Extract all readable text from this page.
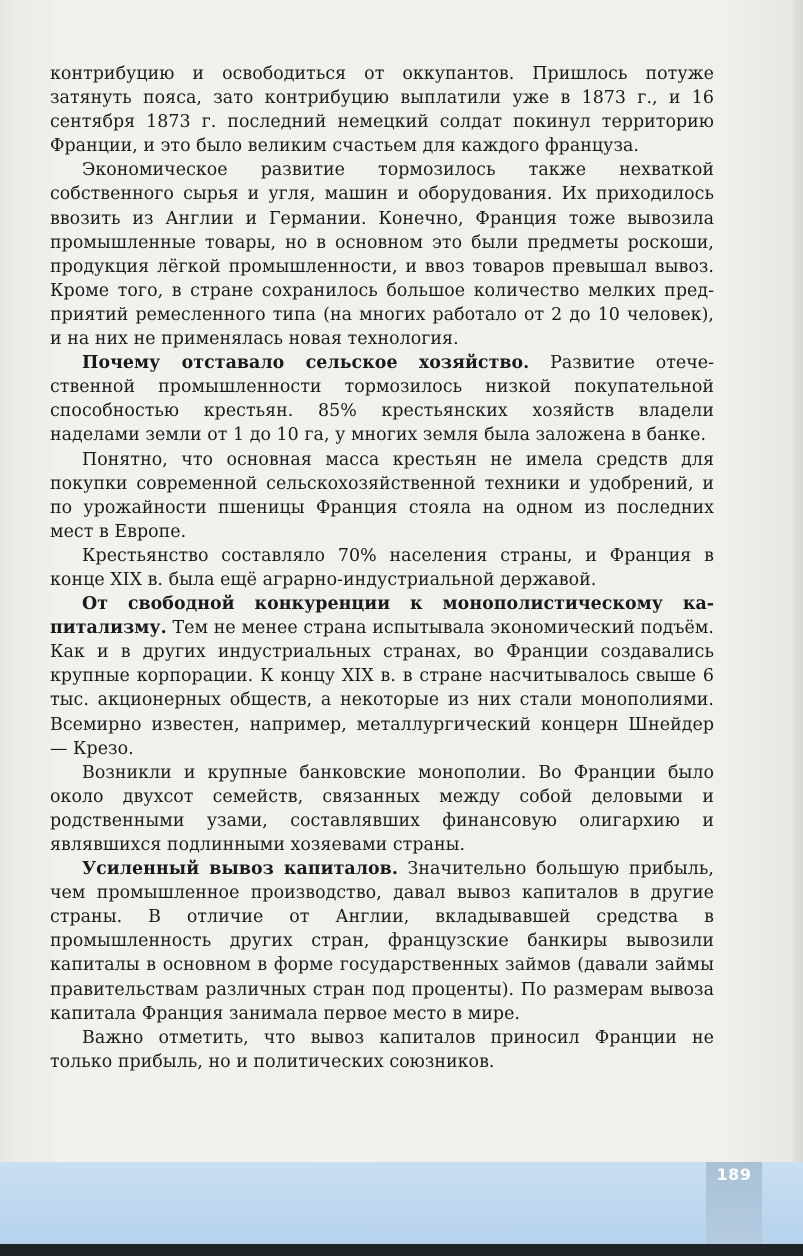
контрибуцию и освободиться от оккупантов. Пришлось потуже затянуть пояса, зато контрибуцию выплатили уже в 1873 г., и 16 сентября 1873 г. последний немецкий солдат покинул территорию Франции, и это было великим счастьем для каждого француза.

Экономическое развитие тормозилось также нехваткой собственного сырья и угля, машин и оборудования. Их приходилось ввозить из Англии и Германии. Конечно, Франция тоже вывозила промышленные товары, но в основном это были предметы роскоши, продукция лёгкой промышленности, и ввоз товаров превышал вывоз. Кроме того, в стране сохранилось большое количество мелких предприятий ремесленного типа (на многих работало от 2 до 10 человек), и на них не применялась новая технология.

Почему отставало сельское хозяйство. Развитие отечественной промышленности тормозилось низкой покупательной способностью крестьян. 85% крестьянских хозяйств владели наделами земли от 1 до 10 га, у многих земля была заложена в банке.

Понятно, что основная масса крестьян не имела средств для покупки современной сельскохозяйственной техники и удобрений, и по урожайности пшеницы Франция стояла на одном из последних мест в Европе.

Крестьянство составляло 70% населения страны, и Франция в конце XIX в. была ещё аграрно-индустриальной державой.

От свободной конкуренции к монополистическому капитализму. Тем не менее страна испытывала экономический подъём. Как и в других индустриальных странах, во Франции создавались крупные корпорации. К концу XIX в. в стране насчитывалось свыше 6 тыс. акционерных обществ, а некоторые из них стали монополиями. Всемирно известен, например, металлургический концерн Шнейдер — Крезо.

Возникли и крупные банковские монополии. Во Франции было около двухсот семейств, связанных между собой деловыми и родственными узами, составлявших финансовую олигархию и являвшихся подлинными хозяевами страны.

Усиленный вывоз капиталов. Значительно большую прибыль, чем промышленное производство, давал вывоз капиталов в другие страны. В отличие от Англии, вкладывавшей средства в промышленность других стран, французские банкиры вывозили капиталы в основном в форме государственных займов (давали займы правительствам различных стран под проценты). По размерам вывоза капитала Франция занимала первое место в мире.

Важно отметить, что вывоз капиталов приносил Франции не только прибыль, но и политических союзников.

189
